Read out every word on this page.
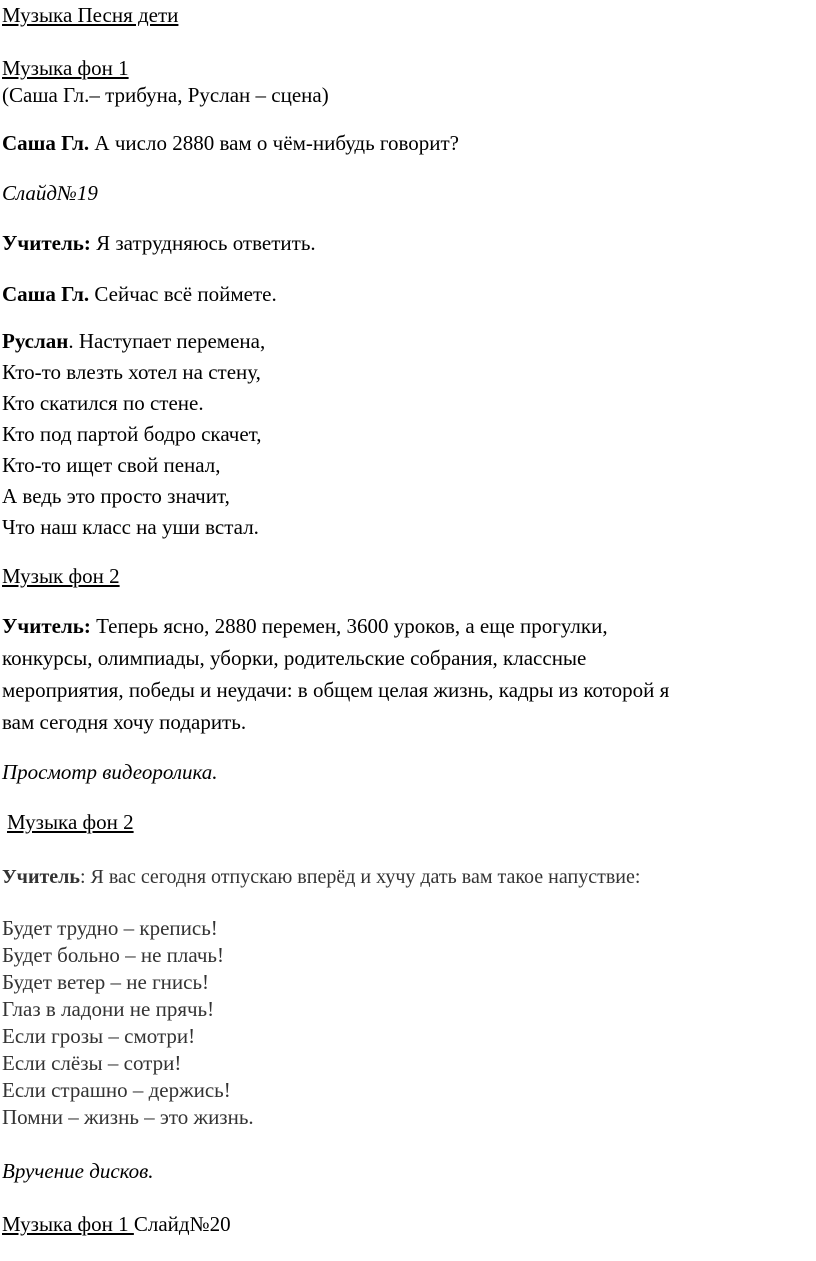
Музыка Песня дети
Музыка фон 1
(Саша Гл.– трибуна, Руслан – сцена)
Саша Гл. А число 2880 вам о чём-нибудь говорит?
Слайд№19
Учитель: Я затрудняюсь ответить.
Саша Гл. Сейчас всё поймете.
Руслан. Наступает перемена,
Кто-то влезть хотел на стену,
Кто скатился по стене.
Кто под партой бодро скачет,
Кто-то ищет свой пенал,
А ведь это просто значит,
Что наш класс на уши встал.
Музык фон 2
Учитель: Теперь ясно, 2880 перемен, 3600 уроков, а еще прогулки,
конкурсы, олимпиады, уборки, родительские собрания, классные
мероприятия, победы и неудачи: в общем целая жизнь, кадры из которой я
вам сегодня хочу подарить.
Просмотр видеоролика.
Музыка фон 2
Учитель: Я вас сегодня отпускаю вперёд и хучу дать вам такое напуствие:
Будет трудно – крепись!
Будет больно – не плачь!
Будет ветер – не гнись!
Глаз в ладони не прячь!
Если грозы – смотри!
Если слёзы – сотри!
Если страшно – держись!
Помни – жизнь – это жизнь.
Вручение дисков.
Музыка фон 1 Слайд№20
